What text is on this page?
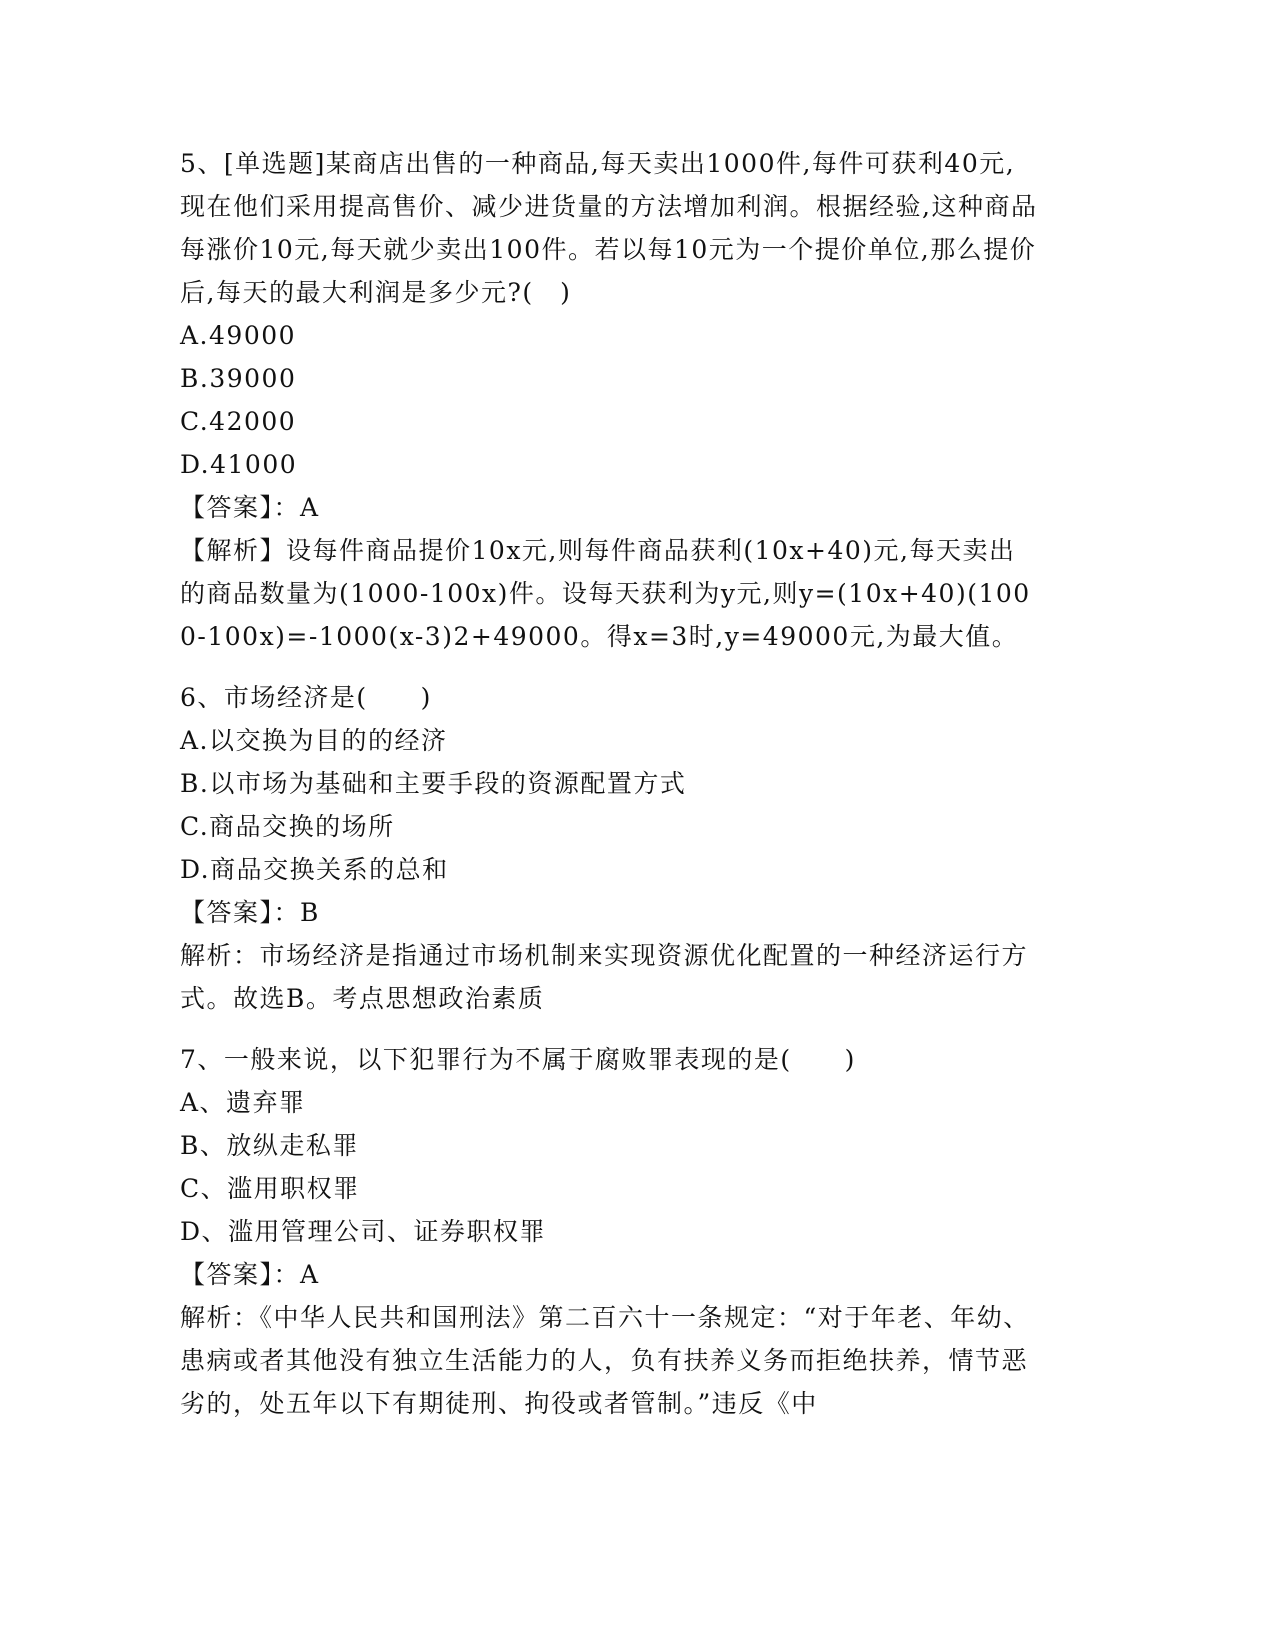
5、[单选题]某商店出售的一种商品,每天卖出1000件,每件可获利40元,现在他们采用提高售价、减少进货量的方法增加利润。根据经验,这种商品每涨价10元,每天就少卖出100件。若以每10元为一个提价单位,那么提价后,每天的最大利润是多少元?(　)
A.49000
B.39000
C.42000
D.41000
【答案】：A
【解析】设每件商品提价10x元,则每件商品获利(10x+40)元,每天卖出的商品数量为(1000-100x)件。设每天获利为y元,则y=(10x+40)(1000-100x)=-1000(x-3)2+49000。得x=3时,y=49000元,为最大值。
6、市场经济是(　　)
A.以交换为目的的经济
B.以市场为基础和主要手段的资源配置方式
C.商品交换的场所
D.商品交换关系的总和
【答案】：B
解析：市场经济是指通过市场机制来实现资源优化配置的一种经济运行方式。故选B。考点思想政治素质
7、一般来说，以下犯罪行为不属于腐败罪表现的是(　　)
A、遗弃罪
B、放纵走私罪
C、滥用职权罪
D、滥用管理公司、证券职权罪
【答案】：A
解析：《中华人民共和国刑法》第二百六十一条规定：“对于年老、年幼、患病或者其他没有独立生活能力的人，负有扶养义务而拒绝扶养，情节恶劣的，处五年以下有期徒刑、拘役或者管制。”违反《中
